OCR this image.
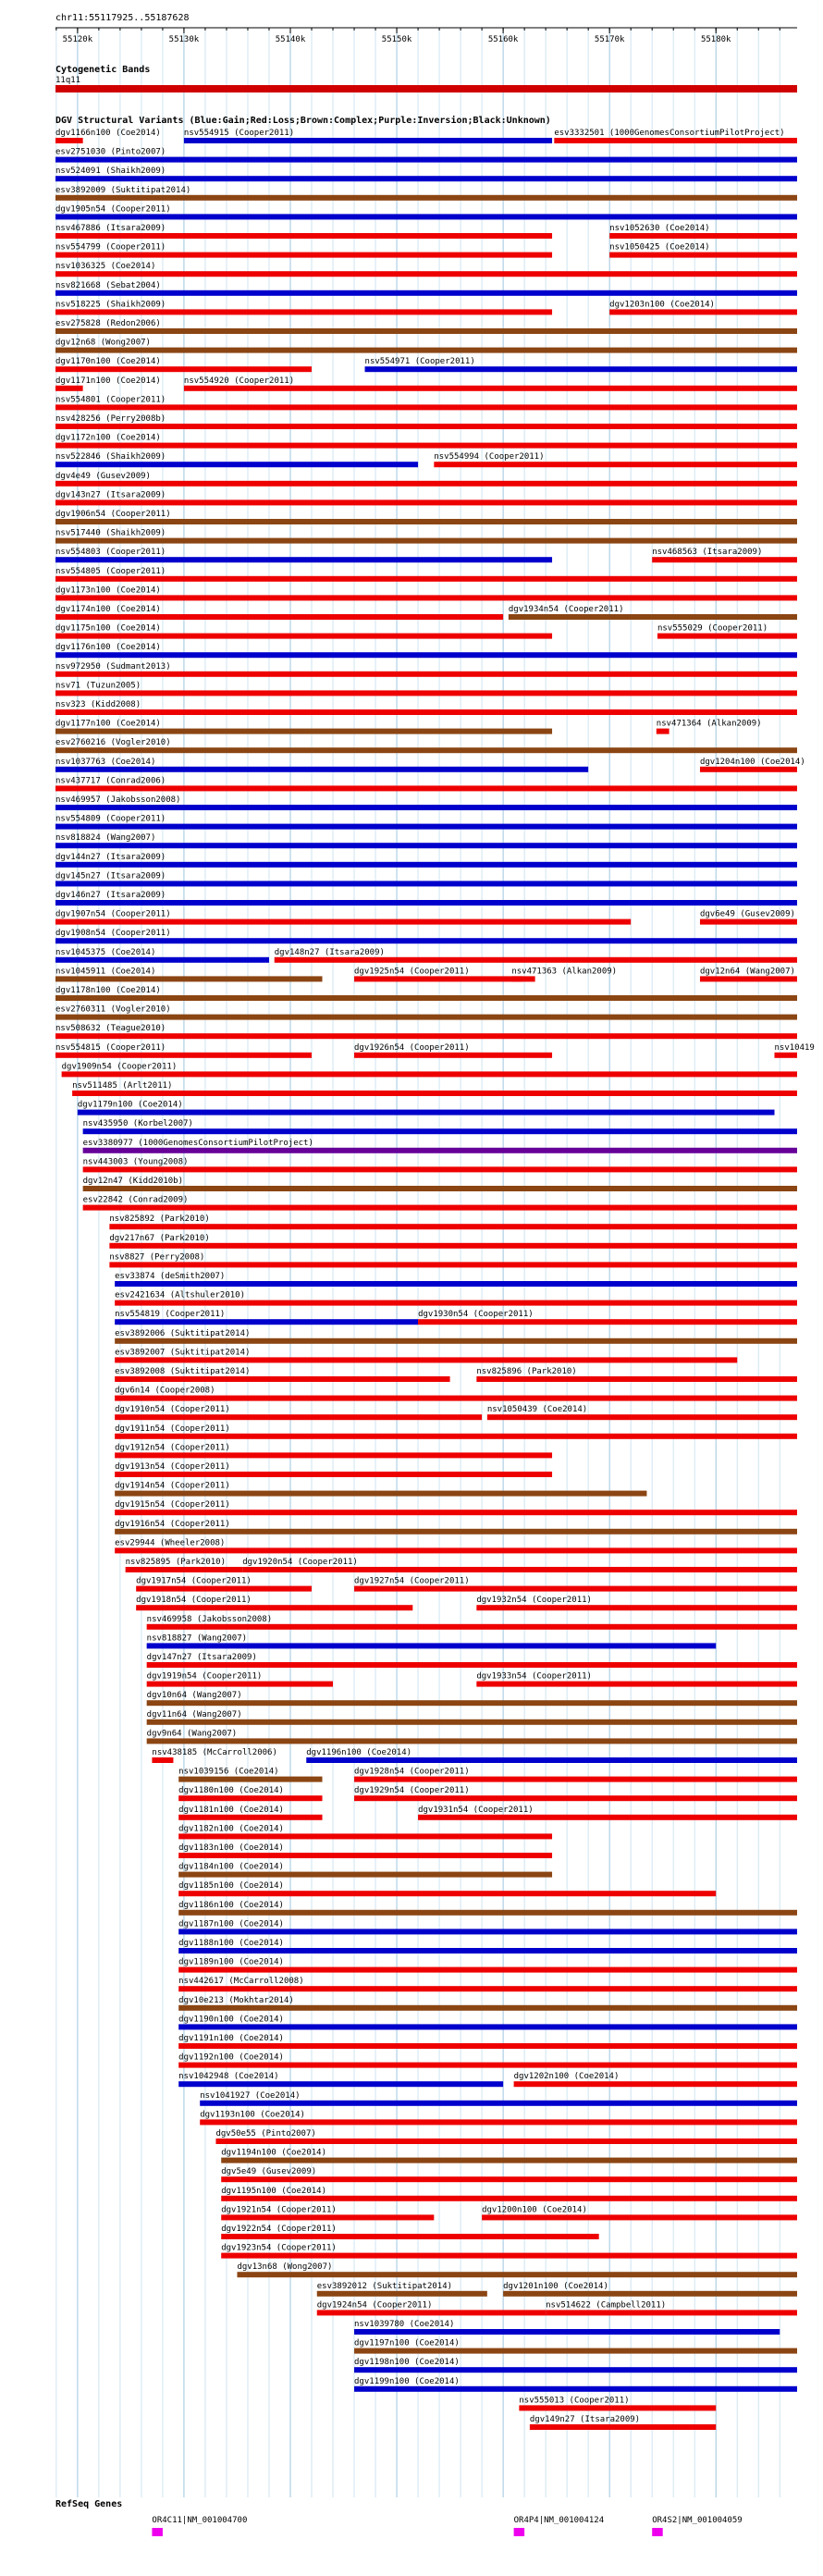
chr11:55117925..55187628
55120k	55130k	55140k	55150k	55160k	55170k	55180k
Cytogenetic Bands
11q11
DGV Structural Variants (Blue:Gain;Red:Loss;Brown:Complex;Purple:Inversion;Black:Unknown)
dgv1166n100 (Coe2014)	nsv554915 (Cooper2011)	esv3332501 (1000GenomesConsortiumPilotProject)
esv2751030 (Pinto2007)
nsv524091 (Shaikh2009)
esv3892009 (Suktitipat2014)
dgv1905n54 (Cooper2011)
nsv467886 (Itsara2009)	nsv1052630 (Coe2014)
nsv554799 (Cooper2011)	nsv1050425 (Coe2014)
nsv1036325 (Coe2014)
nsv821668 (Sebat2004)
nsv518225 (Shaikh2009)	dgv1203n100 (Coe2014)
esv275828 (Redon2006)
dgv12n68 (Wong2007)
dgv1170n100 (Coe2014)	nsv554971 (Cooper2011)
dgv1171n100 (Coe2014)	nsv554920 (Cooper2011)
nsv554801 (Cooper2011)
nsv428256 (Perry2008b)
dgv1172n100 (Coe2014)
nsv522846 (Shaikh2009)	nsv554994 (Cooper2011)
dgv4e49 (Gusev2009)
dgv143n27 (Itsara2009)
dgv1906n54 (Cooper2011)
nsv517440 (Shaikh2009)
nsv554803 (Cooper2011)	nsv468563 (Itsara2009)
nsv554805 (Cooper2011)
dgv1173n100 (Coe2014)
dgv1174n100 (Coe2014)	dgv1934n54 (Cooper2011)
dgv1175n100 (Coe2014)	nsv555029 (Cooper2011)
dgv1176n100 (Coe2014)
nsv972950 (Sudmant2013)
nsv71 (Tuzun2005)
nsv323 (Kidd2008)
dgv1177n100 (Coe2014)	nsv471364 (Alkan2009)
esv2760216 (Vogler2010)
nsv1037763 (Coe2014)	dgv1204n100 (Coe2014)
nsv437717 (Conrad2006)
nsv469957 (Jakobsson2008)
nsv554809 (Cooper2011)
nsv818824 (Wang2007)
dgv144n27 (Itsara2009)
dgv145n27 (Itsara2009)
dgv146n27 (Itsara2009)
dgv1907n54 (Cooper2011)	dgv6e49 (Gusev2009)
dgv1908n54 (Cooper2011)
nsv1045375 (Coe2014)	dgv148n27 (Itsara2009)
nsv1045911 (Coe2014)	dgv1925n54 (Cooper2011)	nsv471363 (Alkan2009)	dgv12n64 (Wang2007)
dgv1178n100 (Coe2014)
esv2760311 (Vogler2010)
nsv508632 (Teague2010)
nsv554815 (Cooper2011)	dgv1926n54 (Cooper2011)	nsv10419
dgv1909n54 (Cooper2011)
nsv511485 (Arlt2011)
dgv1179n100 (Coe2014)
nsv435950 (Korbel2007)
esv3380977 (1000GenomesConsortiumPilotProject)
nsv443003 (Young2008)
dgv12n47 (Kidd2010b)
esv22842 (Conrad2009)
nsv825892 (Park2010)
dgv217n67 (Park2010)
nsv8827 (Perry2008)
esv33874 (deSmith2007)
esv2421634 (Altshuler2010)
nsv554819 (Cooper2011)	dgv1930n54 (Cooper2011)
esv3892006 (Suktitipat2014)
esv3892007 (Suktitipat2014)
esv3892008 (Suktitipat2014)	nsv825896 (Park2010)
dgv6n14 (Cooper2008)
dgv1910n54 (Cooper2011)	nsv1050439 (Coe2014)
dgv1911n54 (Cooper2011)
dgv1912n54 (Cooper2011)
dgv1913n54 (Cooper2011)
dgv1914n54 (Cooper2011)
dgv1915n54 (Cooper2011)
dgv1916n54 (Cooper2011)
esv29944 (Wheeler2008)
nsv825895 (Park2010) dgv1920n54 (Cooper2011)
dgv1917n54 (Cooper2011)	dgv1927n54 (Cooper2011)
dgv1918n54 (Cooper2011)	dgv1932n54 (Cooper2011)
nsv469958 (Jakobsson2008)
nsv818827 (Wang2007)
dgv147n27 (Itsara2009)
dgv1919n54 (Cooper2011)	dgv1933n54 (Cooper2011)
dgv10n64 (Wang2007)
dgv11n64 (Wang2007)
dgv9n64 (Wang2007)
nsv438185 (McCarroll2006)	dgv1196n100 (Coe2014)
nsv1039156 (Coe2014)	dgv1928n54 (Cooper2011)
dgv1180n100 (Coe2014)	dgv1929n54 (Cooper2011)
dgv1181n100 (Coe2014)	dgv1931n54 (Cooper2011)
dgv1182n100 (Coe2014)
dgv1183n100 (Coe2014)
dgv1184n100 (Coe2014)
dgv1185n100 (Coe2014)
dgv1186n100 (Coe2014)
dgv1187n100 (Coe2014)
dgv1188n100 (Coe2014)
dgv1189n100 (Coe2014)
nsv442617 (McCarroll2008)
dgv10e213 (Mokhtar2014)
dgv1190n100 (Coe2014)
dgv1191n100 (Coe2014)
dgv1192n100 (Coe2014)
nsv1042948 (Coe2014)	dgv1202n100 (Coe2014)
nsv1041927 (Coe2014)
dgv1193n100 (Coe2014)
dgv50e55 (Pinto2007)
dgv1194n100 (Coe2014)
dgv5e49 (Gusev2009)
dgv1195n100 (Coe2014)
dgv1921n54 (Cooper2011)	dgv1200n100 (Coe2014)
dgv1922n54 (Cooper2011)
dgv1923n54 (Cooper2011)
dgv13n68 (Wong2007)
esv3892012 (Suktitipat2014)	dgv1201n100 (Coe2014)
dgv1924n54 (Cooper2011)	nsv514622 (Campbell2011)
nsv1039780 (Coe2014)
dgv1197n100 (Coe2014)
dgv1198n100 (Coe2014)
dgv1199n100 (Coe2014)
nsv555013 (Cooper2011)
dgv149n27 (Itsara2009)
RefSeq Genes
OR4C11|NM_001004700	OR4P4|NM_001004124	OR4S2|NM_001004059
